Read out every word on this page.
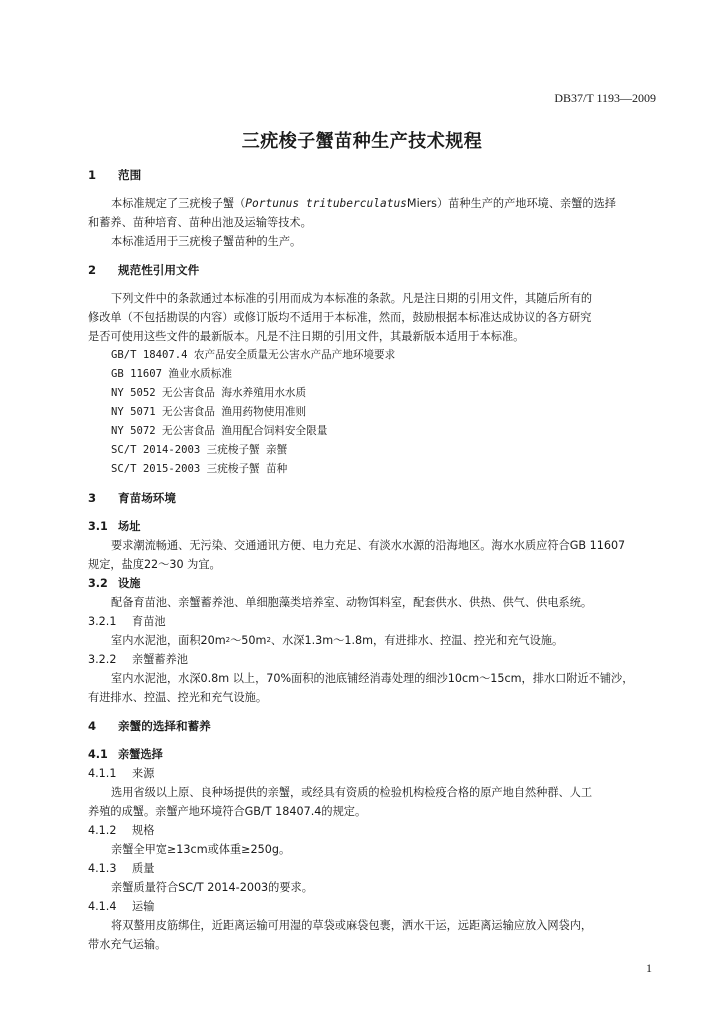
DB37/T 1193—2009
三疣梭子蟹苗种生产技术规程
1 范围
本标准规定了三疣梭子蟹（Portunus trituberculatusMiers）苗种生产的产地环境、亲蟹的选择
和蓄养、苗种培育、苗种出池及运输等技术。
本标准适用于三疣梭子蟹苗种的生产。
2 规范性引用文件
下列文件中的条款通过本标准的引用而成为本标准的条款。凡是注日期的引用文件，其随后所有的
修改单（不包括勘误的内容）或修订版均不适用于本标准，然而，鼓励根据本标准达成协议的各方研究
是否可使用这些文件的最新版本。凡是不注日期的引用文件，其最新版本适用于本标准。
GB/T 18407.4 农产品安全质量无公害水产品产地环境要求
GB 11607 渔业水质标准
NY 5052 无公害食品 海水养殖用水水质
NY 5071 无公害食品 渔用药物使用准则
NY 5072 无公害食品 渔用配合饲料安全限量
SC/T 2014-2003 三疣梭子蟹 亲蟹
SC/T 2015-2003 三疣梭子蟹 苗种
3 育苗场环境
3.1 场址
要求潮流畅通、无污染、交通通讯方便、电力充足、有淡水水源的沿海地区。海水水质应符合GB 11607
规定，盐度22～30 为宜。
3.2 设施
配备育苗池、亲蟹蓄养池、单细胞藻类培养室、动物饵料室，配套供水、供热、供气、供电系统。
3.2.1 育苗池
室内水泥池，面积$20m^2\sim 50m^2$、水深1.3m～1.8m，有进排水、控温、控光和充气设施。
3.2.2 亲蟹蓄养池
室内水泥池，水深0.8m 以上，70%面积的池底铺经消毒处理的细沙10cm～15cm，排水口附近不铺沙，
有进排水、控温、控光和充气设施。
4 亲蟹的选择和蓄养
4.1 亲蟹选择
4.1.1 来源
选用省级以上原、良种场提供的亲蟹，或经具有资质的检验机构检疫合格的原产地自然种群、人工
养殖的成蟹。亲蟹产地环境符合GB/T 18407.4的规定。
4.1.2 规格
亲蟹全甲宽≥13cm或体重≥250g。
4.1.3 质量
亲蟹质量符合SC/T 2014-2003的要求。
4.1.4 运输
将双螯用皮筋绑住，近距离运输可用湿的草袋或麻袋包裹，洒水干运，远距离运输应放入网袋内，
带水充气运输。
1
